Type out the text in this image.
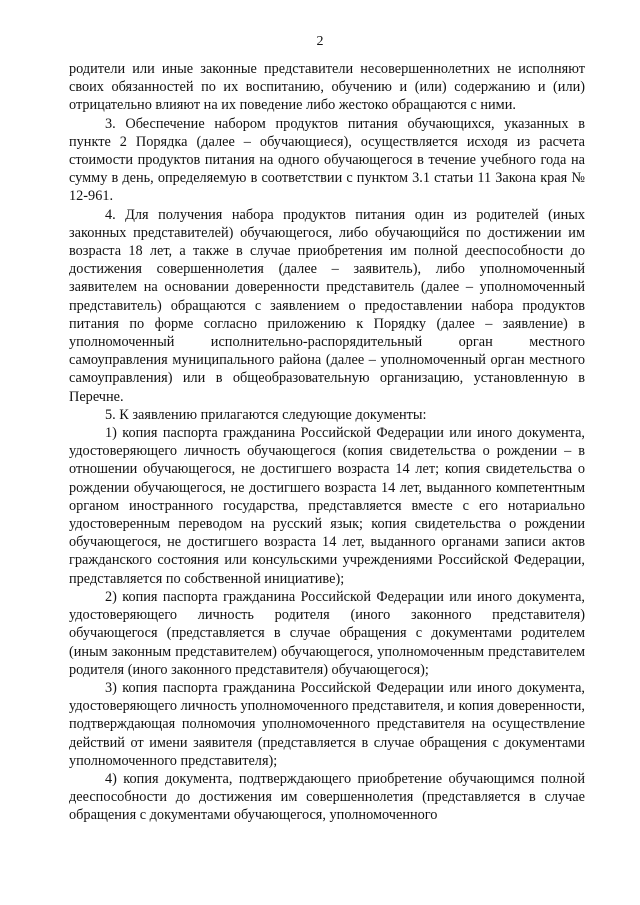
2

родители или иные законные представители несовершеннолетних не исполняют своих обязанностей по их воспитанию, обучению и (или) содержанию и (или) отрицательно влияют на их поведение либо жестоко обращаются с ними.

3. Обеспечение набором продуктов питания обучающихся, указанных в пункте 2 Порядка (далее – обучающиеся), осуществляется исходя из расчета стоимости продуктов питания на одного обучающегося в течение учебного года на сумму в день, определяемую в соответствии с пунктом 3.1 статьи 11 Закона края № 12-961.

4. Для получения набора продуктов питания один из родителей (иных законных представителей) обучающегося, либо обучающийся по достижении им возраста 18 лет, а также в случае приобретения им полной дееспособности до достижения совершеннолетия (далее – заявитель), либо уполномоченный заявителем на основании доверенности представитель (далее – уполномоченный представитель) обращаются с заявлением о предоставлении набора продуктов питания по форме согласно приложению к Порядку (далее – заявление) в уполномоченный исполнительно-распорядительный орган местного самоуправления муниципального района (далее – уполномоченный орган местного самоуправления) или в общеобразовательную организацию, установленную в Перечне.

5. К заявлению прилагаются следующие документы:

1) копия паспорта гражданина Российской Федерации или иного документа, удостоверяющего личность обучающегося (копия свидетельства о рождении – в отношении обучающегося, не достигшего возраста 14 лет; копия свидетельства о рождении обучающегося, не достигшего возраста 14 лет, выданного компетентным органом иностранного государства, представляется вместе с его нотариально удостоверенным переводом на русский язык; копия свидетельства о рождении обучающегося, не достигшего возраста 14 лет, выданного органами записи актов гражданского состояния или консульскими учреждениями Российской Федерации, представляется по собственной инициативе);

2) копия паспорта гражданина Российской Федерации или иного документа, удостоверяющего личность родителя (иного законного представителя) обучающегося (представляется в случае обращения с документами родителем (иным законным представителем) обучающегося, уполномоченным представителем родителя (иного законного представителя) обучающегося);

3) копия паспорта гражданина Российской Федерации или иного документа, удостоверяющего личность уполномоченного представителя, и копия доверенности, подтверждающая полномочия уполномоченного представителя на осуществление действий от имени заявителя (представляется в случае обращения с документами уполномоченного представителя);

4) копия документа, подтверждающего приобретение обучающимся полной дееспособности до достижения им совершеннолетия (представляется в случае обращения с документами обучающегося, уполномоченного
